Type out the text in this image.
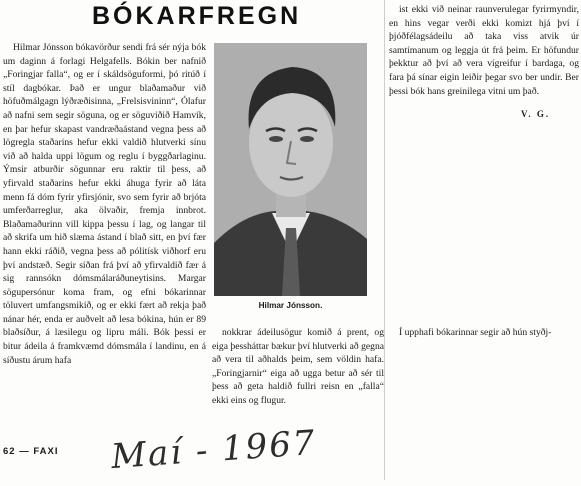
BÓKARFREGN

Hilmar Jónsson bókavörður sendi frá sér nýja bók um daginn á forlagi Helgafells. Bókin ber nafnið „Foringjar falla“, og er í skáldsöguformi, þó ritúð í stíl dagbókar. Það er ungur blaðamaður við höfuðmálgagn lýðræðisinna, „Frelsisvininn“, Ólafur að nafni sem segir söguna, og er söguviðið Hamvík, en þar hefur skapast vandræðaástand vegna þess að lögregla staðarins hefur ekki valdið hlutverki sínu við að halda uppi lögum og reglu í byggðarlaginu. Ýmsir atburðir sögunnar eru raktir til þess, að yfirvald staðarins hefur ekki áhuga fyrir að láta menn fá dóm fyrir yfirsjónir, svo sem fyrir að brjóta umferðarreglur, aka ölvaðir, fremja innbrot. Blaðamaðurinn vill kippa þessu í lag, og langar til að skrifa um hið slæma ástand í blað sitt, en því fær hann ekki ráðið, vegna þess að pólitísk viðhorf eru því andstæð. Segir síðan frá því að yfirvaldið fær á sig rannsókn dómsmálaráðuneytisins. Margar sögupersónur koma fram, og efni bókarinnar töluvert umfangsmikið, og er ekki fært að rekja það nánar hér, enda er auðvelt að lesa bókina, hún er 89 blaðsíður, á læsilegu og lipru máli. Bók þessi er bitur ádeila á framkvæmd dómsmála í landinu, en á síðustu árum hafa

Hilmar Jónsson.

ist ekki við neinar raunverulegar fyrirmyndir, en hins vegar verði ekki komizt hjá því í þjóðfélagsádeilu að taka viss atvik úr samtímanum og leggja út frá þeim. Er höfundur þekktur að því að vera vígreifur í bardaga, og fara þá sínar eigin leiðir þegar svo ber undir. Ber þessi bók hans greinilega vitni um það.

V. G.

nokkrar ádeilusögur komið á prent, og eiga þessháttar bækur því hlutverki að gegna að vera til aðhalds þeim, sem völdin hafa. „Foringjarnir“ eiga að ugga betur að sér til þess að geta haldið fullri reisn en „falla“ ekki eins og flugur.

Í upphafi bókarinnar segir að hún styðj-

62 — FAXI Maí - 1967
